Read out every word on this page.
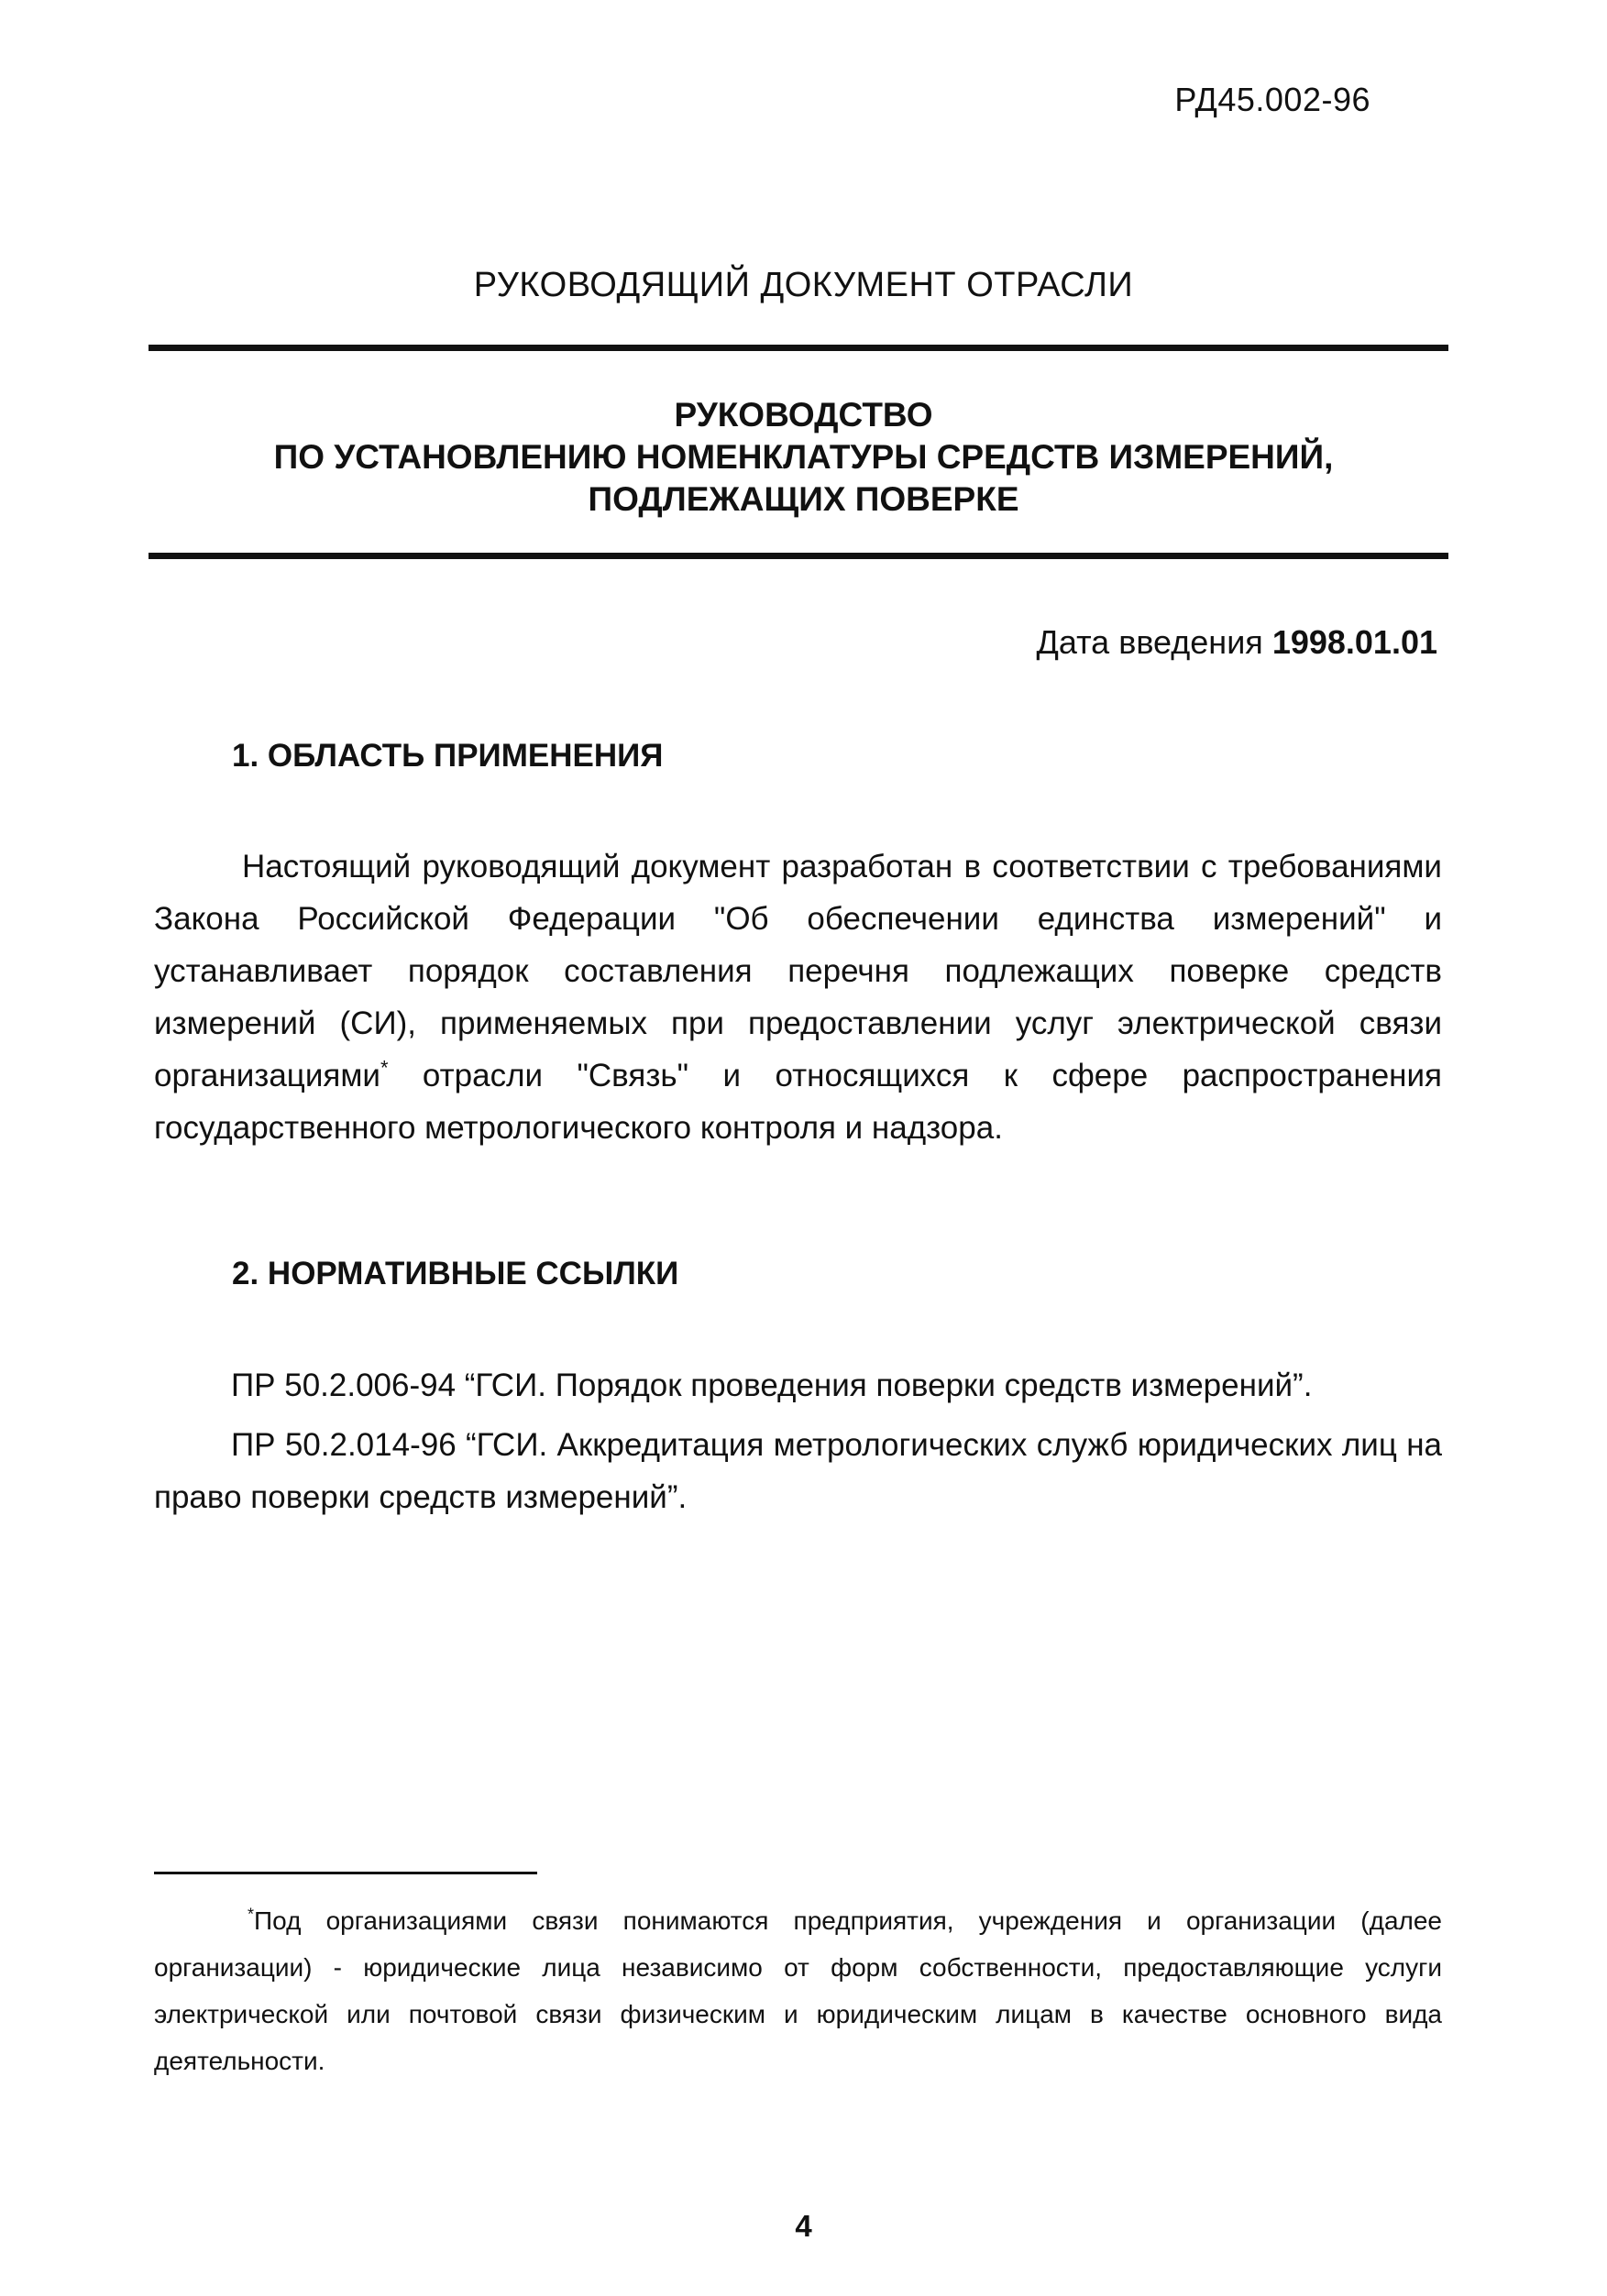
РД45.002-96
РУКОВОДЯЩИЙ ДОКУМЕНТ ОТРАСЛИ
РУКОВОДСТВО
ПО УСТАНОВЛЕНИЮ НОМЕНКЛАТУРЫ СРЕДСТВ ИЗМЕРЕНИЙ,
ПОДЛЕЖАЩИХ ПОВЕРКЕ
Дата введения 1998.01.01
1. ОБЛАСТЬ ПРИМЕНЕНИЯ
Настоящий руководящий документ разработан в соответствии с требованиями Закона Российской Федерации "Об обеспечении единства измерений" и устанавливает порядок составления перечня подлежащих поверке средств измерений (СИ), применяемых при предоставлении услуг электрической связи организациями* отрасли "Связь" и относящихся к сфере распространения государственного метрологического контроля и надзора.
2. НОРМАТИВНЫЕ ССЫЛКИ
ПР 50.2.006-94 “ГСИ. Порядок проведения поверки средств измерений”.
ПР 50.2.014-96 “ГСИ. Аккредитация метрологических служб юридических лиц на право поверки средств измерений”.
*Под организациями связи понимаются предприятия, учреждения и организации (далее организации) - юридические лица независимо от форм собственности, предоставляющие услуги электрической или почтовой связи физическим и юридическим лицам в качестве основного вида деятельности.
4
